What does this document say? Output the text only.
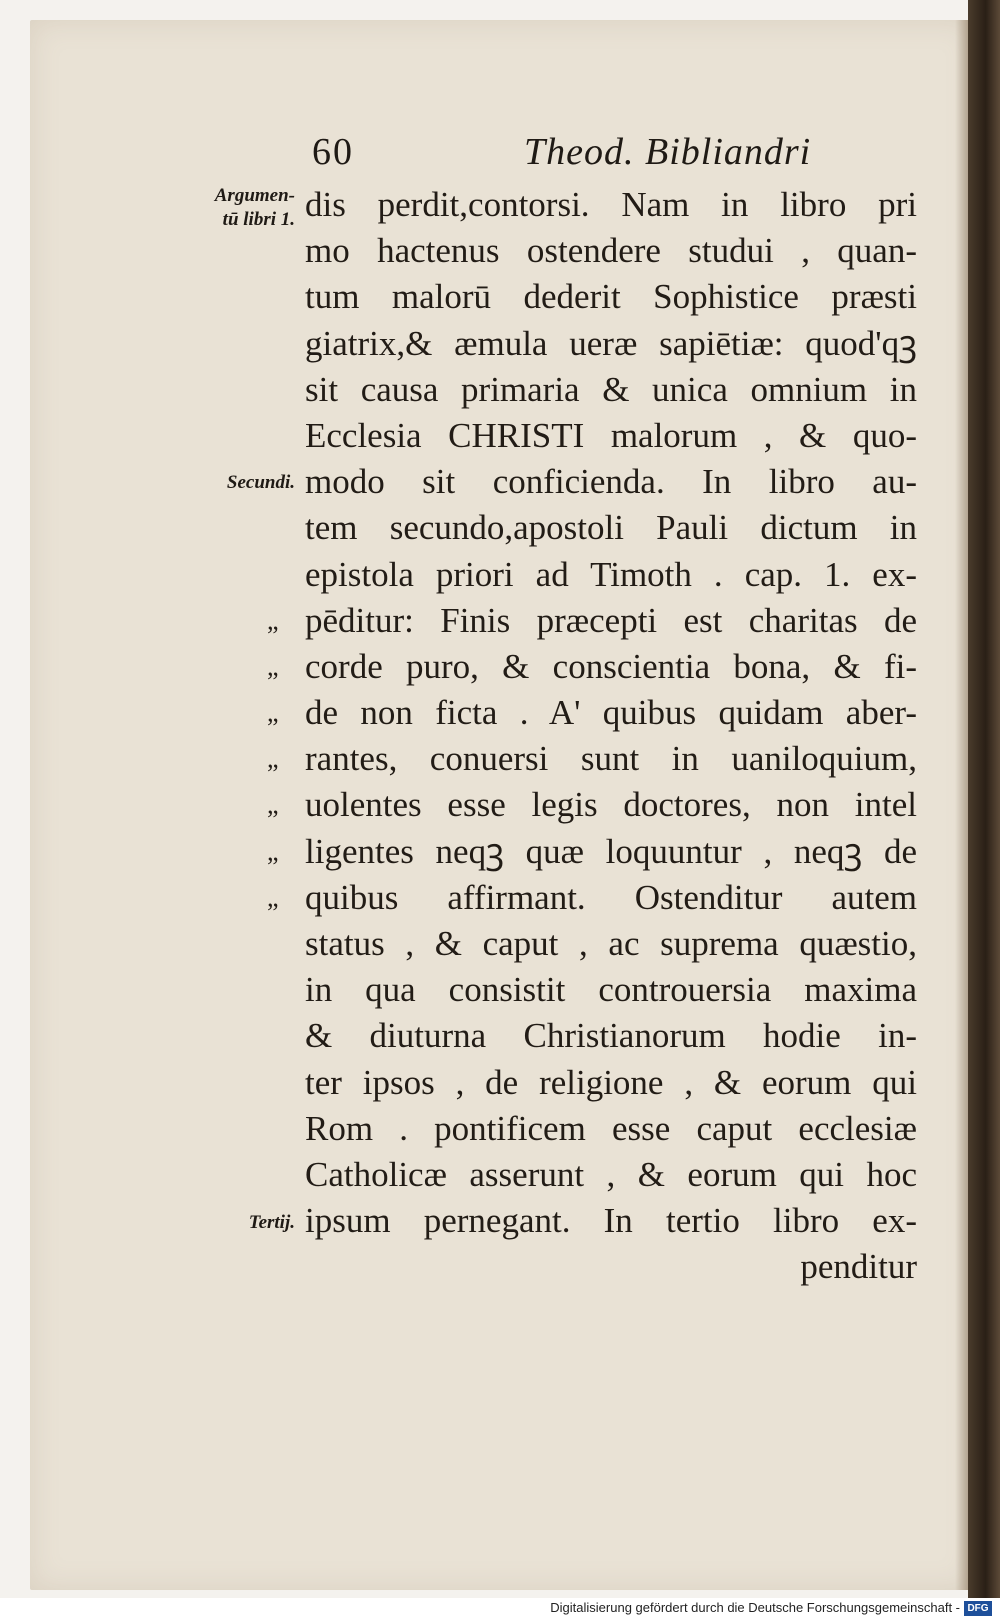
60	Theod. Bibliandri
Argumen-
tū libri 1.
Secundi.
Tertij.
dis perdit,contorsi. Nam in libro pri
mo hactenus ostendere studui , quan-
tum malorū dederit Sophistice præsti
giatrix,& æmula ueræ sapiētiæ: quod'qꝫ
sit causa primaria & unica omnium in
Ecclesia CHRISTI malorum , & quo-
modo sit conficienda. In libro au-
tem secundo,apostoli Pauli dictum in
epistola priori ad Timoth . cap. 1. ex-
„ pēditur: Finis præcepti est charitas de
„ corde puro, & conscientia bona, & fi-
„ de non ficta . A' quibus quidam aber-
„ rantes, conuersi sunt in uaniloquium,
„ uolentes esse legis doctores, non intel
„ ligentes neqꝫ quæ loquuntur , neqꝫ de
„ quibus affirmant. Ostenditur autem
status , & caput , ac suprema quæstio,
in qua consistit controuersia maxima
& diuturna Christianorum hodie in-
ter ipsos , de religione , & eorum qui
Rom . pontificem esse caput ecclesiæ
Catholicæ asserunt , & eorum qui hoc
ipsum pernegant. In tertio libro ex-
penditur
Digitalisierung gefördert durch die Deutsche Forschungsgemeinschaft - DFG
